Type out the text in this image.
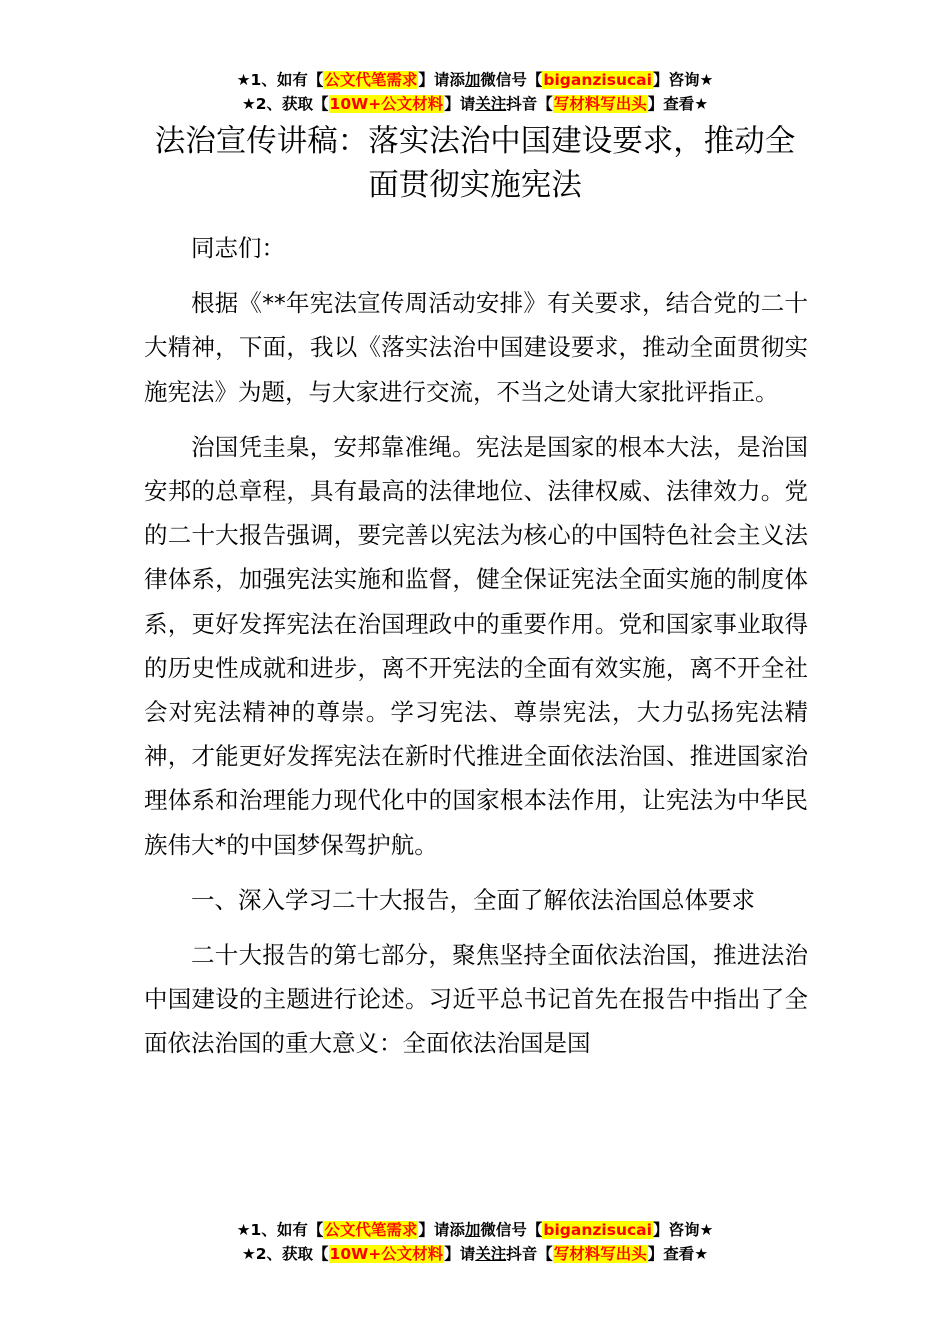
★1、如有【公文代笔需求】请添加微信号【biganzisucai】咨询★
★2、获取【10W+公文材料】请关注抖音【写材料写出头】查看★
法治宣传讲稿：落实法治中国建设要求，推动全面贯彻实施宪法

同志们：

根据《**年宪法宣传周活动安排》有关要求，结合党的二十大精神，下面，我以《落实法治中国建设要求，推动全面贯彻实施宪法》为题，与大家进行交流，不当之处请大家批评指正。

治国凭圭臬，安邦靠准绳。宪法是国家的根本大法，是治国安邦的总章程，具有最高的法律地位、法律权威、法律效力。党的二十大报告强调，要完善以宪法为核心的中国特色社会主义法律体系，加强宪法实施和监督，健全保证宪法全面实施的制度体系，更好发挥宪法在治国理政中的重要作用。党和国家事业取得的历史性成就和进步，离不开宪法的全面有效实施，离不开全社会对宪法精神的尊崇。学习宪法、尊崇宪法，大力弘扬宪法精神，才能更好发挥宪法在新时代推进全面依法治国、推进国家治理体系和治理能力现代化中的国家根本法作用，让宪法为中华民族伟大*的中国梦保驾护航。

一、深入学习二十大报告，全面了解依法治国总体要求

二十大报告的第七部分，聚焦坚持全面依法治国，推进法治中国建设的主题进行论述。习近平总书记首先在报告中指出了全面依法治国的重大意义：全面依法治国是国

★1、如有【公文代笔需求】请添加微信号【biganzisucai】咨询★
★2、获取【10W+公文材料】请关注抖音【写材料写出头】查看★
